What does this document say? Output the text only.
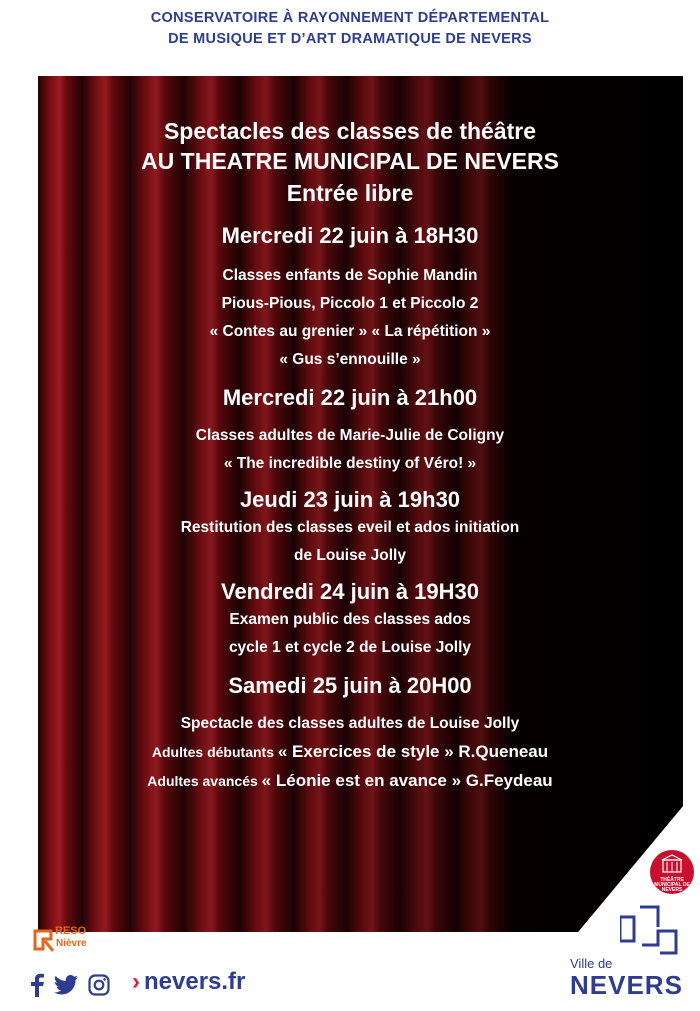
CONSERVATOIRE À RAYONNEMENT DÉPARTEMENTAL
DE MUSIQUE ET D’ART DRAMATIQUE DE NEVERS
Spectacles des classes de théâtre
AU THEATRE MUNICIPAL DE NEVERS
Entrée libre
Mercredi 22 juin à 18H30
Classes enfants de Sophie Mandin
Pious-Pious, Piccolo 1 et Piccolo 2
« Contes au grenier » « La répétition »
« Gus s’ennouille »
Mercredi 22 juin à 21h00
Classes adultes de Marie-Julie de Coligny
« The incredible destiny of Véro! »
Jeudi 23 juin à 19h30
Restitution des classes eveil et ados initiation
de Louise Jolly
Vendredi 24 juin à 19H30
Examen public des classes ados
cycle 1 et cycle 2 de Louise Jolly
Samedi 25 juin à 20H00
Spectacle des classes adultes de Louise Jolly
Adultes débutants « Exercices de style » R.Queneau
Adultes avancés « Léonie est en avance » G.Feydeau
THÉÂTRE MUNICIPAL DE NEVERS
RESO
Nièvre
› nevers.fr
Ville de
NEVERS
